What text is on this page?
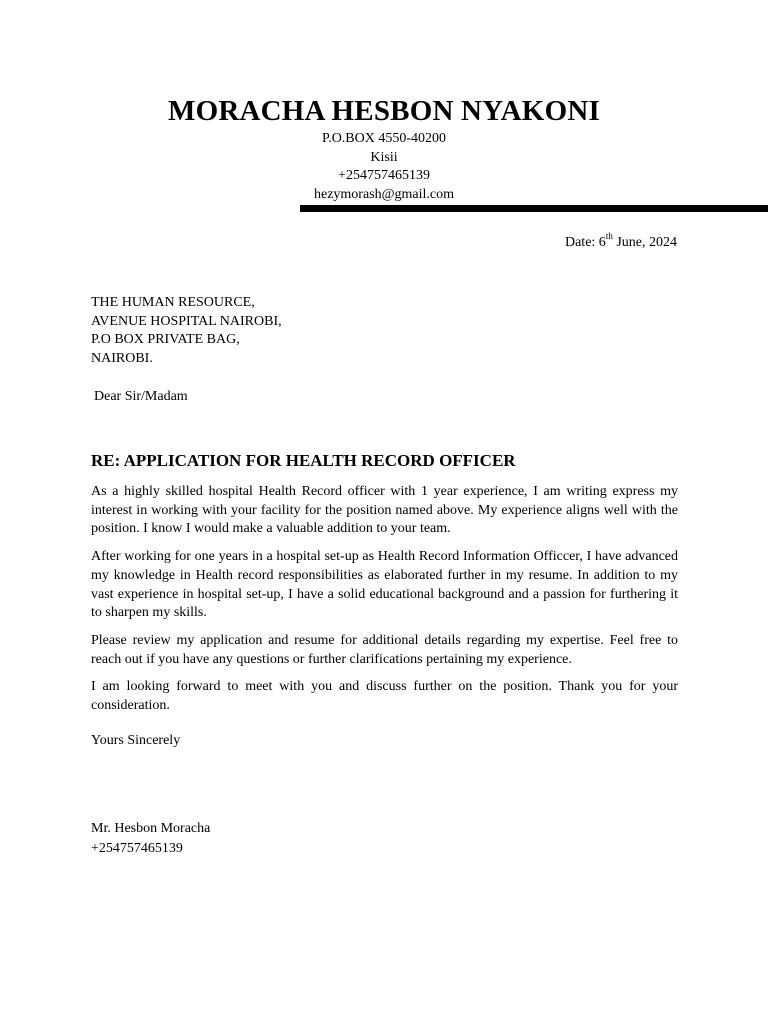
MORACHA HESBON NYAKONI
P.O.BOX 4550-40200
Kisii
+254757465139
hezymorash@gmail.com
Date: 6th June, 2024
THE HUMAN RESOURCE,
AVENUE HOSPITAL NAIROBI,
P.O BOX PRIVATE BAG,
NAIROBI.
Dear Sir/Madam
RE: APPLICATION FOR HEALTH RECORD OFFICER

As a highly skilled hospital Health Record officer with 1 year experience, I am writing express my interest in working with your facility for the position named above. My experience aligns well with the position. I know I would make a valuable addition to your team.

After working for one years in a hospital set-up as Health Record Information Officcer, I have advanced my knowledge in Health record responsibilities as elaborated further in my resume. In addition to my vast experience in hospital set-up, I have a solid educational background and a passion for furthering it to sharpen my skills.

Please review my application and resume for additional details regarding my expertise. Feel free to reach out if you have any questions or further clarifications pertaining my experience.

I am looking forward to meet with you and discuss further on the position. Thank you for your consideration.

Yours Sincerely
Mr. Hesbon Moracha
+254757465139
